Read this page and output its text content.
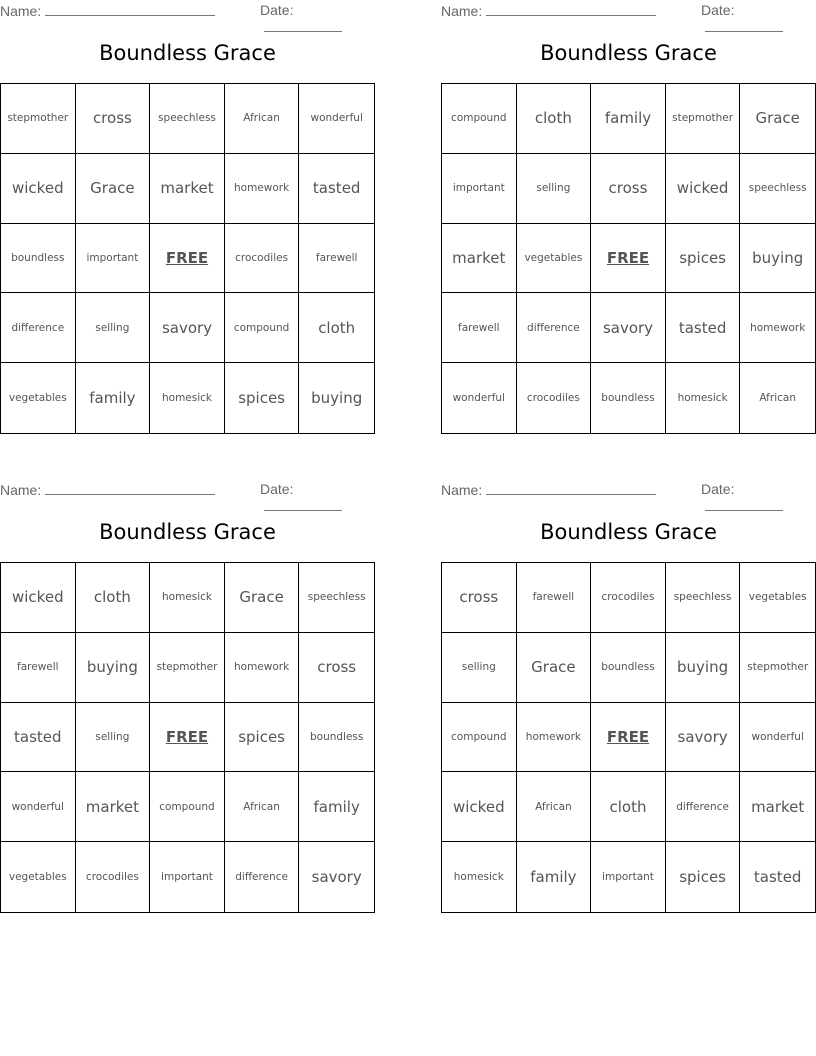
Name:	Date:
Boundless Grace
stepmother	cross	speechless	African	wonderful
wicked	Grace	market	homework	tasted
boundless	important	FREE	crocodiles	farewell
difference	selling	savory	compound	cloth
vegetables	family	homesick	spices	buying
Name:	Date:
Boundless Grace
compound	cloth	family	stepmother	Grace
important	selling	cross	wicked	speechless
market	vegetables	FREE	spices	buying
farewell	difference	savory	tasted	homework
wonderful	crocodiles	boundless	homesick	African
Name:	Date:
Boundless Grace
wicked	cloth	homesick	Grace	speechless
farewell	buying	stepmother	homework	cross
tasted	selling	FREE	spices	boundless
wonderful	market	compound	African	family
vegetables	crocodiles	important	difference	savory
Name:	Date:
Boundless Grace
cross	farewell	crocodiles	speechless	vegetables
selling	Grace	boundless	buying	stepmother
compound	homework	FREE	savory	wonderful
wicked	African	cloth	difference	market
homesick	family	important	spices	tasted
